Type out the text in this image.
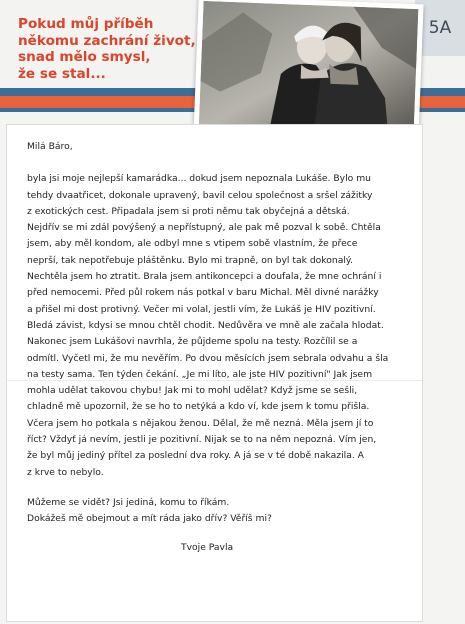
Pokud můj příběh
někomu zachrání život,
snad mělo smysl,
že se stal...
5A

Milá Báro,

byla jsi moje nejlepší kamarádka... dokud jsem nepoznala Lukáše. Bylo mu

tehdy dvaatřicet, dokonale upravený, bavil celou společnost a sršel zážitky

z exotických cest. Připadala jsem si proti němu tak obyčejná a dětská.

Nejdřív se mi zdál povýšený a nepřístupný, ale pak mě pozval k sobě. Chtěla

jsem, aby měl kondom, ale odbyl mne s vtipem sobě vlastním, že přece

neprší, tak nepotřebuje pláštěnku. Bylo mi trapně, on byl tak dokonalý.

Nechtěla jsem ho ztratit. Brala jsem antikoncepci a doufala, že mne ochrání i

před nemocemi. Před půl rokem nás potkal v baru Michal. Měl divné narážky

a přišel mi dost protivný. Večer mi volal, jestli vím, že Lukáš je HIV pozitivní.

Bledá závist, kdysi se mnou chtěl chodit. Nedůvěra ve mně ale začala hlodat.

Nakonec jsem Lukášovi navrhla, že půjdeme spolu na testy. Rozčílil se a

odmítl. Vyčetl mi, že mu nevěřím. Po dvou měsících jsem sebrala odvahu a šla

na testy sama. Ten týden čekání. „Je mi líto, ale jste HIV pozitivní" Jak jsem

mohla udělat takovou chybu! Jak mi to mohl udělat? Když jsme se sešli,

chladně mě upozornil, že se ho to netýká a kdo ví, kde jsem k tomu přišla.

Včera jsem ho potkala s nějakou ženou. Dělal, že mě nezná. Měla jsem jí to

říct? Vždyť já nevím, jestli je pozitivní. Nijak se to na něm nepozná. Vím jen,

že byl můj jediný přítel za poslední dva roky. A já se v té době nakazila. A

z krve to nebylo.

Můžeme se vidět? Jsi jediná, komu to říkám.

Dokážeš mě obejmout a mít ráda jako dřív? Věříš mi?

Tvoje Pavla
